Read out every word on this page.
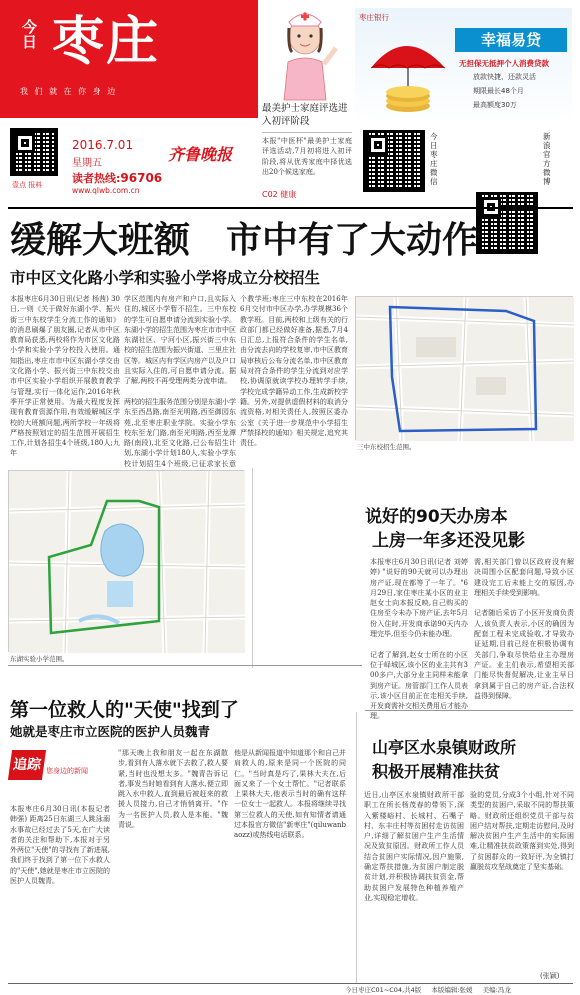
今日 枣庄
我 们 就 在 你 身 边
壹点 报料
2016.7.01
星期五
读者热线:96706
www.qlwb.com.cn
齐鲁晚报
最美护士家庭评选进入初评阶段
本报"中医杯"最美护士家庭评选活动,7月初将进入初评阶段,将从优秀家庭中择优选出20个候选家庭。
C02 健康
枣庄银行
幸福易贷
无担保无抵押个人消费贷款
放款快捷、还款灵活
期限最长48个月
最高额度30万
今日枣庄微信
新浪官方微博
缓解大班额　市中有了大动作
市中区文化路小学和实验小学将成立分校招生
本报枣庄6月30日讯(记者 杨茜) 30日,一则《关于做好东湖小学、振兴街三中东校学生分流工作的通知》的消息刷爆了朋友圈,记者从市中区教育局获悉,两校将作为市区文化路小学和实验小学分校投入使用。通知指出,枣庄市市中区东湖小学交由文化路小学、振兴街三中东校交由市中区实验小学组织开展教育教学与管理,实行一体化运作,2016年秋季开学正常使用。为最大程度发挥现有教育资源作用,有效缓解城区学校的大班额问题,两所学校一年级将严格按照划定的招生范围开展招生工作,计划各招生4个班级,180人;九年
学区范围内有房产和户口,且实际入住的,城区小学暂不招生。三中东校的学生可自愿申请分流到实验小学。东湖小学的招生范围为枣庄市市中区东湖社区、宁河小区,振兴街三中东校的招生范围为振兴街道、三里庄社区等。城区内有学区内房产以及户口且实际入住的,可自愿申请分流。据了解,两校不再受理两类分流申请。

两校的招生服务范围分别是东湖小学东至西昌路,南至光明路,西至御园东苑,北至枣庄职业学院。实验小学东校东至龙门路,南至光明路,西至龙潭路(南段),北至文化路,已公布招生计划,东湖小学计划180人,实验小学东校计划招生4个班级,已征求家长意
个教学班;枣庄三中东校在2016年6月交付市中区办学,办学规模36个教学班。目前,两校和上级有关的行政部门都已经做好准备,据悉,7月4日汇总,上报符合条件的学生名单,由分流去向的学校复审,市中区教育局审核后公布分流名单,市中区教育局对符合条件的学生分流到对应学校,协调原就读学校办理转学手续,学校完成学籍异动工作,生成新校学籍。另外,对提供虚假材料的取消分流资格,对相关责任人,按照区委办公室《关于进一步规范中小学招生严禁择校的通知》相关规定,追究其责任。	三中东校招生范围。
东湖实验小学范围。
说好的90天办房本
上房一年多还没见影
本报枣庄6月30日讯(记者 刘婷婷) "说好的90天就可以办理出房产证,现在都等了一年了。"6月29日,家住枣庄某小区的业主赵女士向本报反映,自己购买的住房至今未办下房产证,去年5月份入住时,开发商承诺90天内办理完毕,但至今仍未能办理。

记者了解到,赵女士所在的小区位于峄城区,该小区的业主共有300多户,大部分业主同样未能拿到房产证。房管部门工作人员表示,该小区目前正在走相关手续,开发商需补交相关费用后才能办理。
需,相关部门曾以区政府没有解决周围小区配套问题,导致小区建设完工后未能上交的原因,办理相关手续受到影响。

记者随后采访了小区开发商负责人,该负责人表示,小区的确因为配套工程未完成验收,才导致办证延期,目前已经在积极协调有关部门,争取尽快给业主办理房产证。业主们表示,希望相关部门能尽快督促解决,让业主早日拿到属于自己的房产证,合法权益得到保障。
第一位救人的"天使"找到了
她就是枣庄市立医院的医护人员魏青
追踪 您身边的新闻
本报枣庄6月30日讯(本报记者 韩强) 距离25日东湖三人跳泳溺水事故已经过去了5天,在广大读者的关注和帮助下,本报对于另外两位"天使"的寻找有了新进展,我们终于找到了第一位下水救人的"天使",她就是枣庄市立医院的医护人员魏青。
"那天晚上我和朋友一起在东湖散步,看到有人落水就下去救了,救人要紧,当时也没想太多。"魏青告诉记者,事发当时她看到有人落水,便立即跳入水中救人,直到最后被赶来的救援人员接力,自己才悄悄离开。"作为一名医护人员,救人是本能。"魏青说。
他是从新闻报道中知道那个和自己并肩救人的,原来是同一个医院的同仁。"当时真是巧了,果林大夫在,后面又来了一个女士帮忙。"记者联系上果林大夫,他表示当时的确有这样一位女士一起救人。本报将继续寻找第三位救人的天使,如有知情者请通过本报官方微信"新枣庄"(qiluwanbaozz)或热线电话联系。
山亭区水泉镇财政所
积极开展精准扶贫
近日,山亭区水泉镇财政所干部职工在所长杨茂春的带领下,深入紫楼峪村、长城村、石嘴子村、东丰庄村等贫困村走访贫困户,详细了解贫困户生产生活情况及致贫原因。财政所工作人员结合贫困户实际情况,因户施策,确定帮扶措施,为贫困户制定脱贫计划,并积极协调扶贫资金,帮助贫困户发展特色种植养殖产业,实现稳定增收。
验的党员,分成3个小组,针对不同类型的贫困户,采取不同的帮扶策略。财政所还组织党员干部与贫困户结对帮扶,定期走访慰问,及时解决贫困户生产生活中的实际困难,让精准扶贫政策落到实处,得到了贫困群众的一致好评,为全镇打赢脱贫攻坚战奠定了坚实基础。
(张颖)
今日枣庄C01~C04,共4版 本版编辑:张媛 美编:冯龙
